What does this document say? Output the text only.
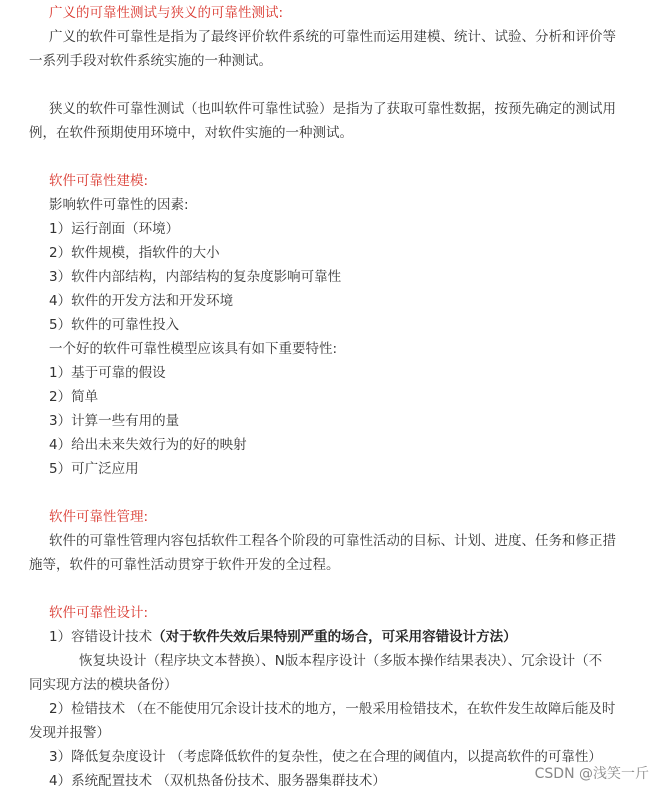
广义的可靠性测试与狭义的可靠性测试:
广义的软件可靠性是指为了最终评价软件系统的可靠性而运用建模、统计、试验、分析和评价等
一系列手段对软件系统实施的一种测试。
狭义的软件可靠性测试（也叫软件可靠性试验）是指为了获取可靠性数据，按预先确定的测试用
例，在软件预期使用环境中，对软件实施的一种测试。
软件可靠性建模:
影响软件可靠性的因素:
1）运行剖面（环境）
2）软件规模，指软件的大小
3）软件内部结构，内部结构的复杂度影响可靠性
4）软件的开发方法和开发环境
5）软件的可靠性投入
一个好的软件可靠性模型应该具有如下重要特性:
1）基于可靠的假设
2）简单
3）计算一些有用的量
4）给出未来失效行为的好的映射
5）可广泛应用
软件可靠性管理:
软件的可靠性管理内容包括软件工程各个阶段的可靠性活动的目标、计划、进度、任务和修正措
施等，软件的可靠性活动贯穿于软件开发的全过程。
软件可靠性设计:
1）容错设计技术（对于软件失效后果特别严重的场合，可采用容错设计方法）
恢复块设计（程序块文本替换）、N版本程序设计（多版本操作结果表决）、冗余设计（不
同实现方法的模块备份）
2）检错技术 （在不能使用冗余设计技术的地方，一般采用检错技术，在软件发生故障后能及时
发现并报警）
3）降低复杂度设计 （考虑降低软件的复杂性，使之在合理的阈值内，以提高软件的可靠性）
4）系统配置技术 （双机热备份技术、服务器集群技术）	CSDN @浅笑一斤
